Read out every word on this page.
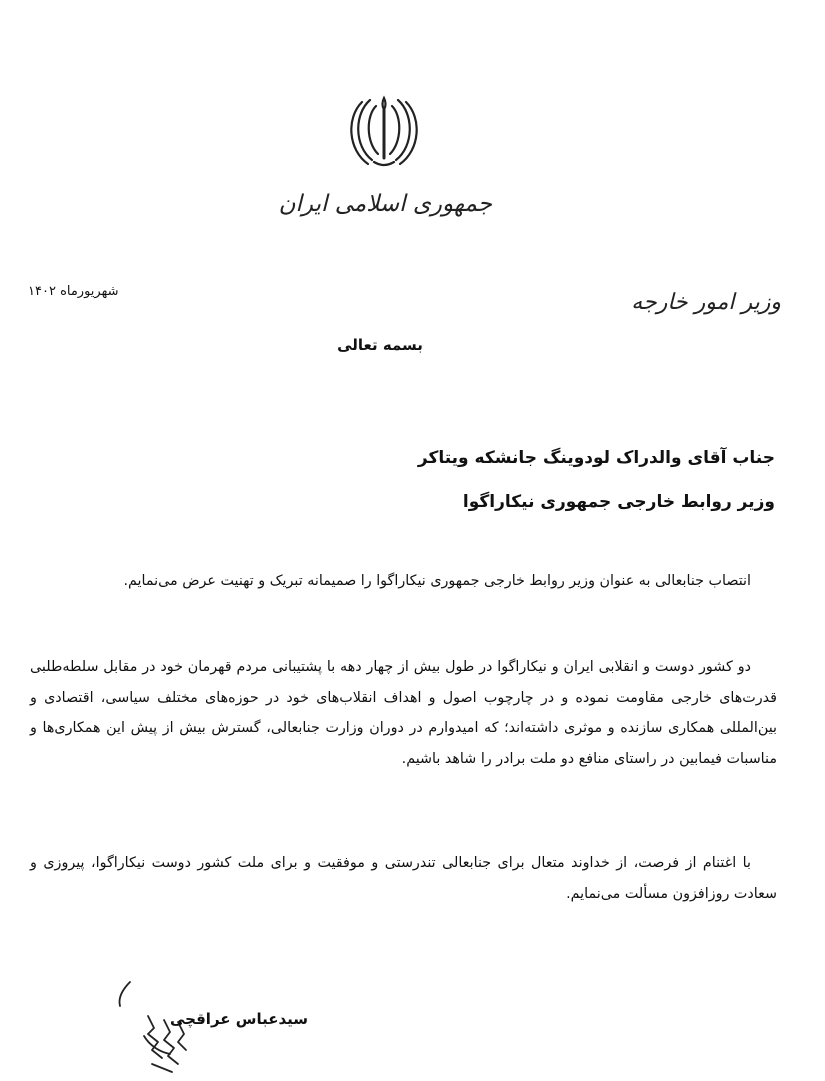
جمهوری اسلامی ایران
وزیر امور خارجه
شهریورماه ۱۴۰۲
بسمه تعالی
جناب آقای والدراک لودوینگ جانشکه ویتاکر
وزیر روابط خارجی جمهوری نیکاراگوا
انتصاب جنابعالی به عنوان وزیر روابط خارجی جمهوری نیکاراگوا را صمیمانه تبریک و تهنیت عرض می‌نمایم.
دو کشور دوست و انقلابی ایران و نیکاراگوا در طول بیش از چهار دهه با پشتیبانی مردم قهرمان خود در مقابل سلطه‌طلبی قدرت‌های خارجی مقاومت نموده و در چارچوب اصول و اهداف انقلاب‌های خود در حوزه‌های مختلف سیاسی، اقتصادی و بین‌المللی همکاری سازنده و موثری داشته‌اند؛ که امیدوارم در دوران وزارت جنابعالی، گسترش بیش از پیش این همکاری‌ها و مناسبات فیمابین در راستای منافع دو ملت برادر را شاهد باشیم.
با اغتنام از فرصت، از خداوند متعال برای جنابعالی تندرستی و موفقیت و برای ملت کشور دوست نیکاراگوا، پیروزی و سعادت روزافزون مسألت می‌نمایم.
سیدعباس عراقچی
